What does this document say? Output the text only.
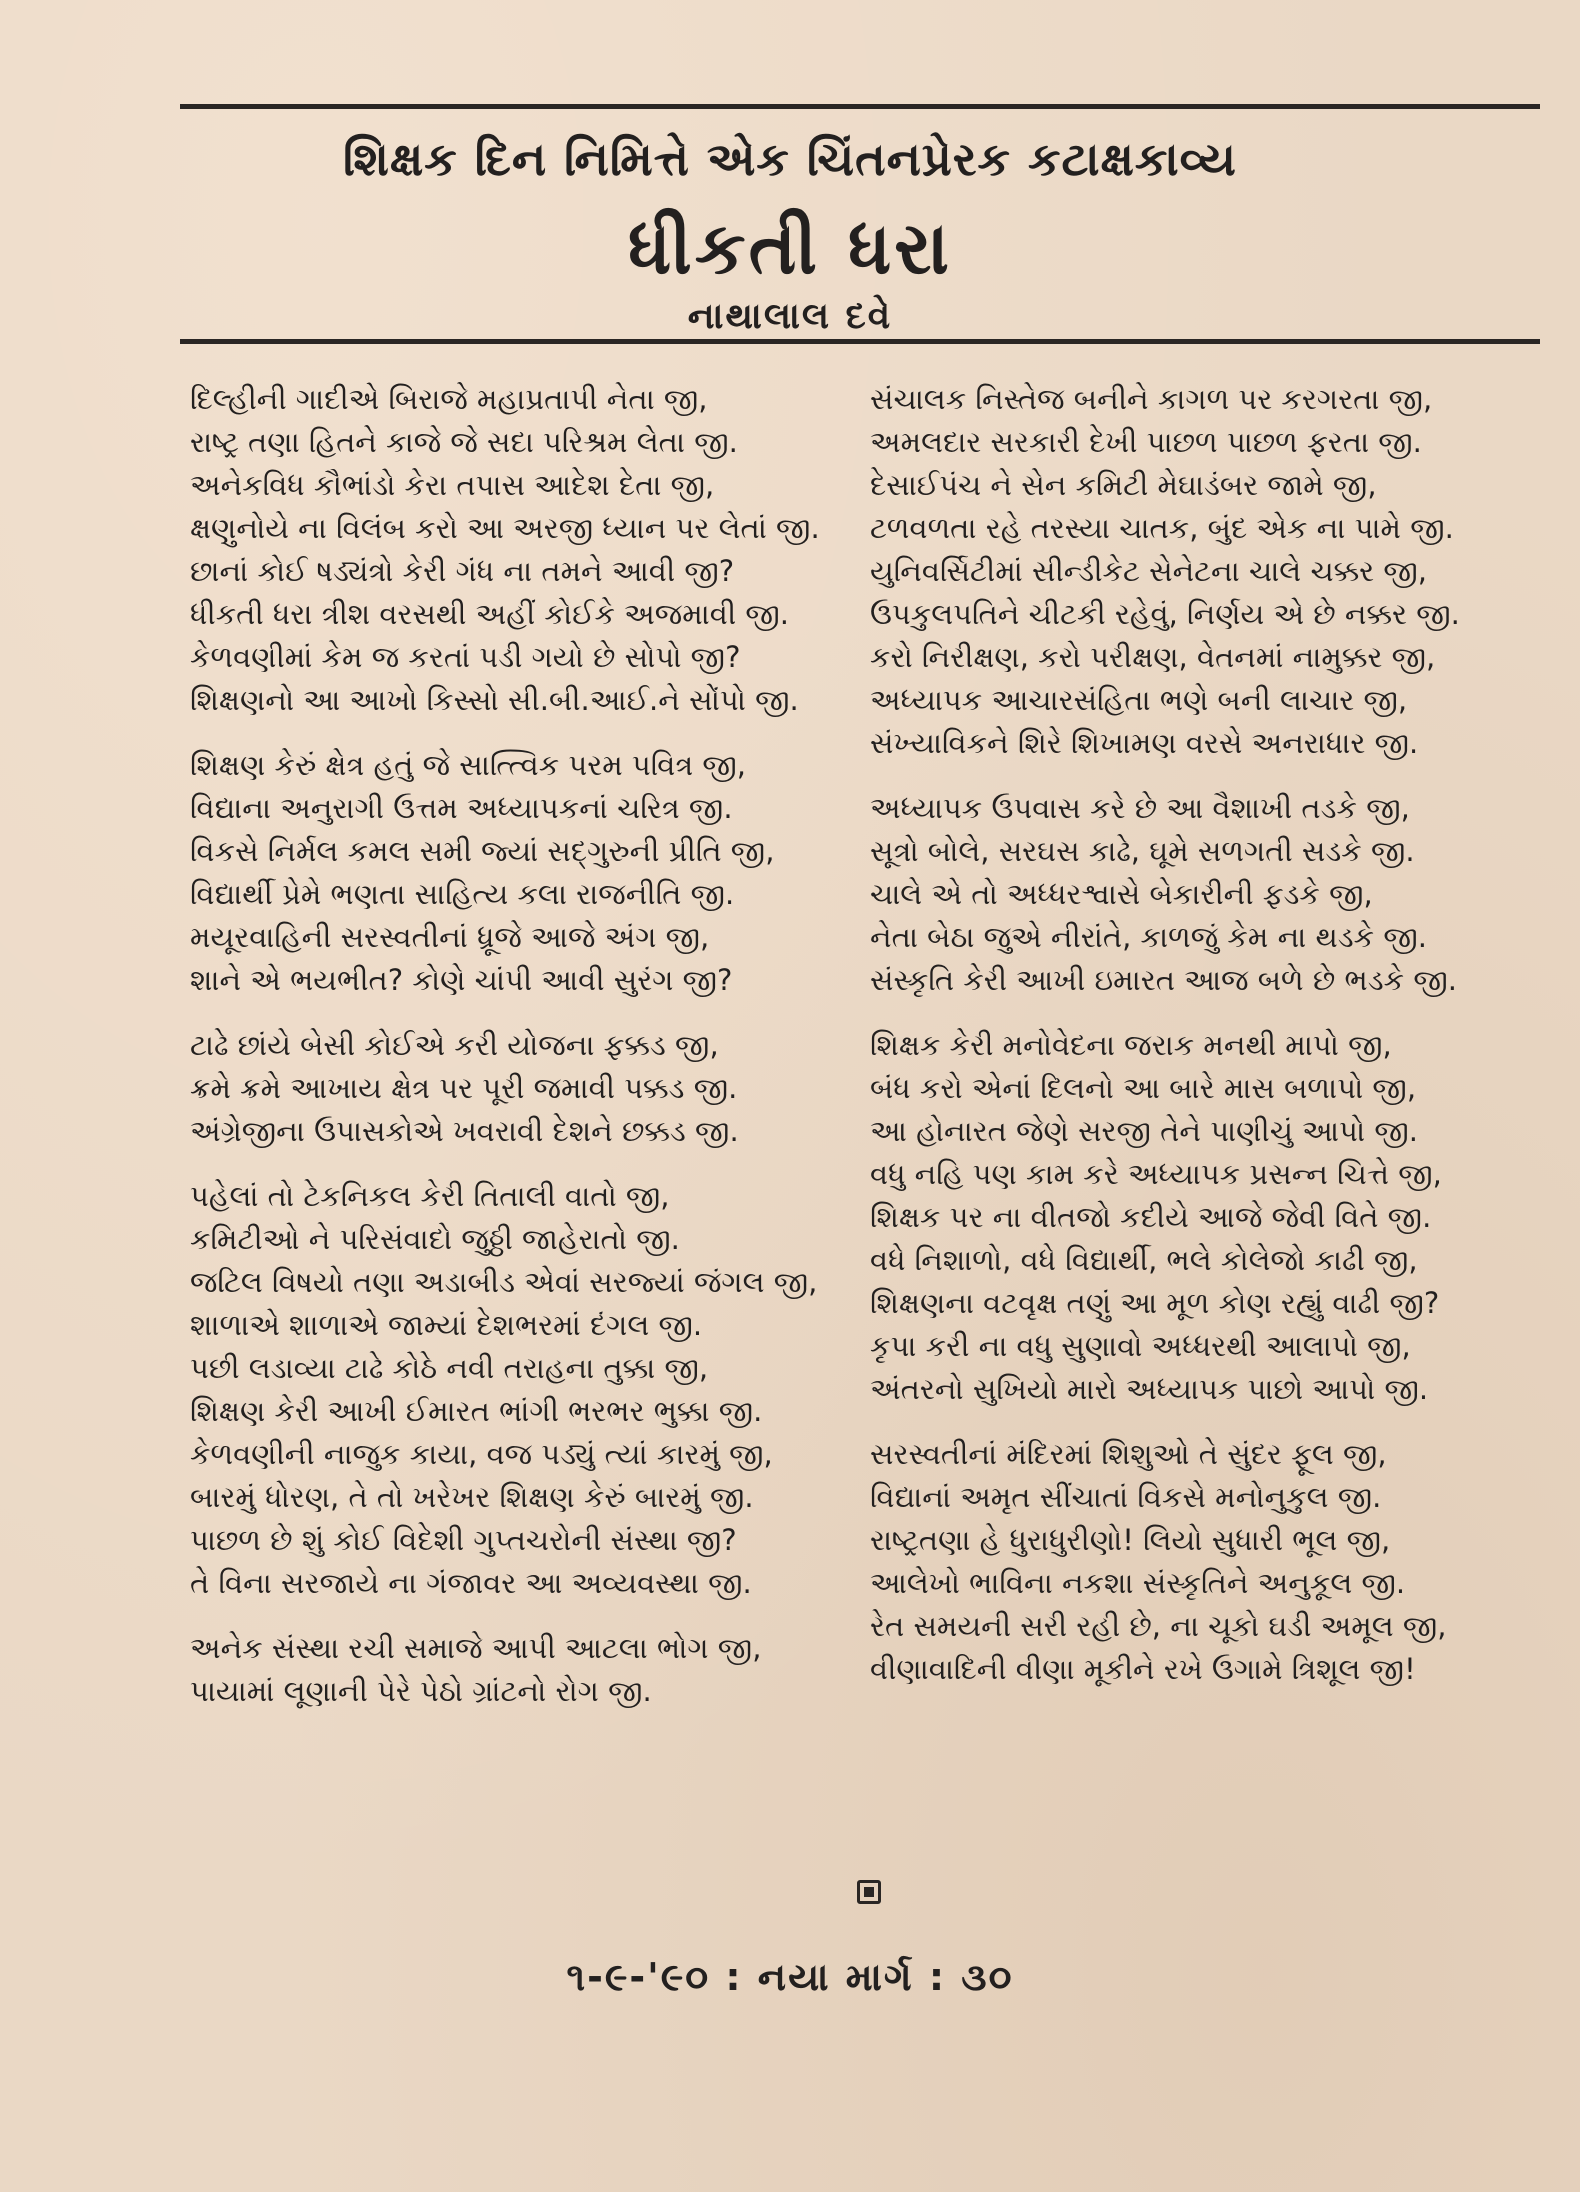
શિક્ષક દિન નિમિત્તે એક ચિંતનપ્રેરક કટાક્ષકાવ્ય
ધીકતી ધરા
નાથાલાલ દવે
દિલ્હીની ગાદીએ બિરાજે મહાપ્રતાપી નેતા જી,
રાષ્ટ્ર તણા હિતને કાજે જે સદા પરિશ્રમ લેતા જી.
અનેકવિધ કૌભાંડો કેરા તપાસ આદેશ દેતા જી,
ક્ષણુનોયે ના વિલંબ કરો આ અરજી ધ્યાન પર લેતાં જી.
છાનાં કોઈ ષડ્યંત્રો કેરી ગંધ ના તમને આવી જી?
ધીકતી ધરા ત્રીશ વરસથી અહીં કોઈકે અજમાવી જી.
કેળવણીમાં કેમ જ કરતાં પડી ગયો છે સોપો જી?
શિક્ષણનો આ આખો કિસ્સો સી.બી.આઈ.ને સોંપો જી.
શિક્ષણ કેરું ક્ષેત્ર હતું જે સાત્ત્વિક પરમ પવિત્ર જી,
વિદ્યાના અનુરાગી ઉત્તમ અધ્યાપકનાં ચરિત્ર જી.
વિકસે નિર્મલ કમલ સમી જ્યાં સદ્ગુરુની પ્રીતિ જી,
વિદ્યાર્થી પ્રેમે ભણતા સાહિત્ય કલા રાજનીતિ જી.
મયૂરવાહિની સરસ્વતીનાં ધ્રૂજે આજે અંગ જી,
શાને એ ભયભીત? કોણે ચાંપી આવી સુરંગ જી?
ટાઢે છાંયે બેસી કોઈએ કરી યોજના ફક્કડ જી,
ક્રમે ક્રમે આખાય ક્ષેત્ર પર પૂરી જમાવી પક્કડ જી.
અંગ્રેજીના ઉપાસકોએ ખવરાવી દેશને છક્કડ જી.
પહેલાં તો ટેકનિકલ કેરી તિતાલી વાતો જી,
કમિટીઓ ને પરિસંવાદો જુઠ્ઠી જાહેરાતો જી.
જટિલ વિષયો તણા અડાબીડ એવાં સરજ્યાં જંગલ જી,
શાળાએ શાળાએ જામ્યાં દેશભરમાં દંગલ જી.
પછી લડાવ્યા ટાઢે કોઠે નવી તરાહના તુક્કા જી,
શિક્ષણ કેરી આખી ઈમારત ભાંગી ભરભર ભુક્કા જી.
કેળવણીની નાજુક કાયા, વજ પડ્યું ત્યાં કારમું જી,
બારમું ધોરણ, તે તો ખરેખર શિક્ષણ કેરું બારમું જી.
પાછળ છે શું કોઈ વિદેશી ગુપ્તચરોની સંસ્થા જી?
તે વિના સરજાયે ના ગંજાવર આ અવ્યવસ્થા જી.
અનેક સંસ્થા રચી સમાજે આપી આટલા ભોગ જી,
પાયામાં લૂણાની પેરે પેઠો ગ્રાંટનો રોગ જી.
સંચાલક નિસ્તેજ બનીને કાગળ પર કરગરતા જી,
અમલદાર સરકારી દેખી પાછળ પાછળ ફરતા જી.
દેસાઈપંચ ને સેન કમિટી મેઘાડંબર જામે જી,
ટળવળતા રહે તરસ્યા ચાતક, બુંદ એક ના પામે જી.
યુનિવર્સિટીમાં સીન્ડીકેટ સેનેટના ચાલે ચક્કર જી,
ઉપકુલપતિને ચીટકી રહેવું, નિર્ણય એ છે નક્કર જી.
કરો નિરીક્ષણ, કરો પરીક્ષણ, વેતનમાં નામુક્કર જી,
અધ્યાપક આચારસંહિતા ભણે બની લાચાર જી,
સંખ્યાવિકને શિરે શિખામણ વરસે અનરાધાર જી.
અધ્યાપક ઉપવાસ કરે છે આ વૈશાખી તડકે જી,
સૂત્રો બોલે, સરઘસ કાઢે, ઘૂમે સળગતી સડકે જી.
ચાલે એ તો અધ્ધરશ્વાસે બેકારીની ફડકે જી,
નેતા બેઠા જુએ નીરાંતે, કાળજું કેમ ના થડકે જી.
સંસ્કૃતિ કેરી આખી ઇમારત આજ બળે છે ભડકે જી.
શિક્ષક કેરી મનોવેદના જરાક મનથી માપો જી,
બંધ કરો એનાં દિલનો આ બારે માસ બળાપો જી,
આ હોનારત જેણે સરજી તેને પાણીચું આપો જી.
વધુ નહિ પણ કામ કરે અધ્યાપક પ્રસન્ન ચિત્તે જી,
શિક્ષક પર ના વીતજો કદીયે આજે જેવી વિતે જી.
વધે નિશાળો, વધે વિદ્યાર્થી, ભલે કોલેજો કાઢી જી,
શિક્ષણના વટવૃક્ષ તણું આ મૂળ કોણ રહ્યું વાઢી જી?
કૃપા કરી ના વધુ સુણાવો અધ્ધરથી આલાપો જી,
અંતરનો સુખિયો મારો અધ્યાપક પાછો આપો જી.
સરસ્વતીનાં મંદિરમાં શિશુઓ તે સુંદર ફૂલ જી,
વિદ્યાનાં અમૃત સીંચાતાં વિકસે મનોનુકુલ જી.
રાષ્ટ્રતણા હે ધુરાધુરીણો! લિયો સુધારી ભૂલ જી,
આલેખો ભાવિના નકશા સંસ્કૃતિને અનુકૂલ જી.
રેત સમયની સરી રહી છે, ના ચૂકો ઘડી અમૂલ જી,
વીણાવાદિની વીણા મૂકીને રખે ઉગામે ત્રિશૂલ જી!
૧-૯-'૯૦ : નયા માર્ગ : ૩૦
